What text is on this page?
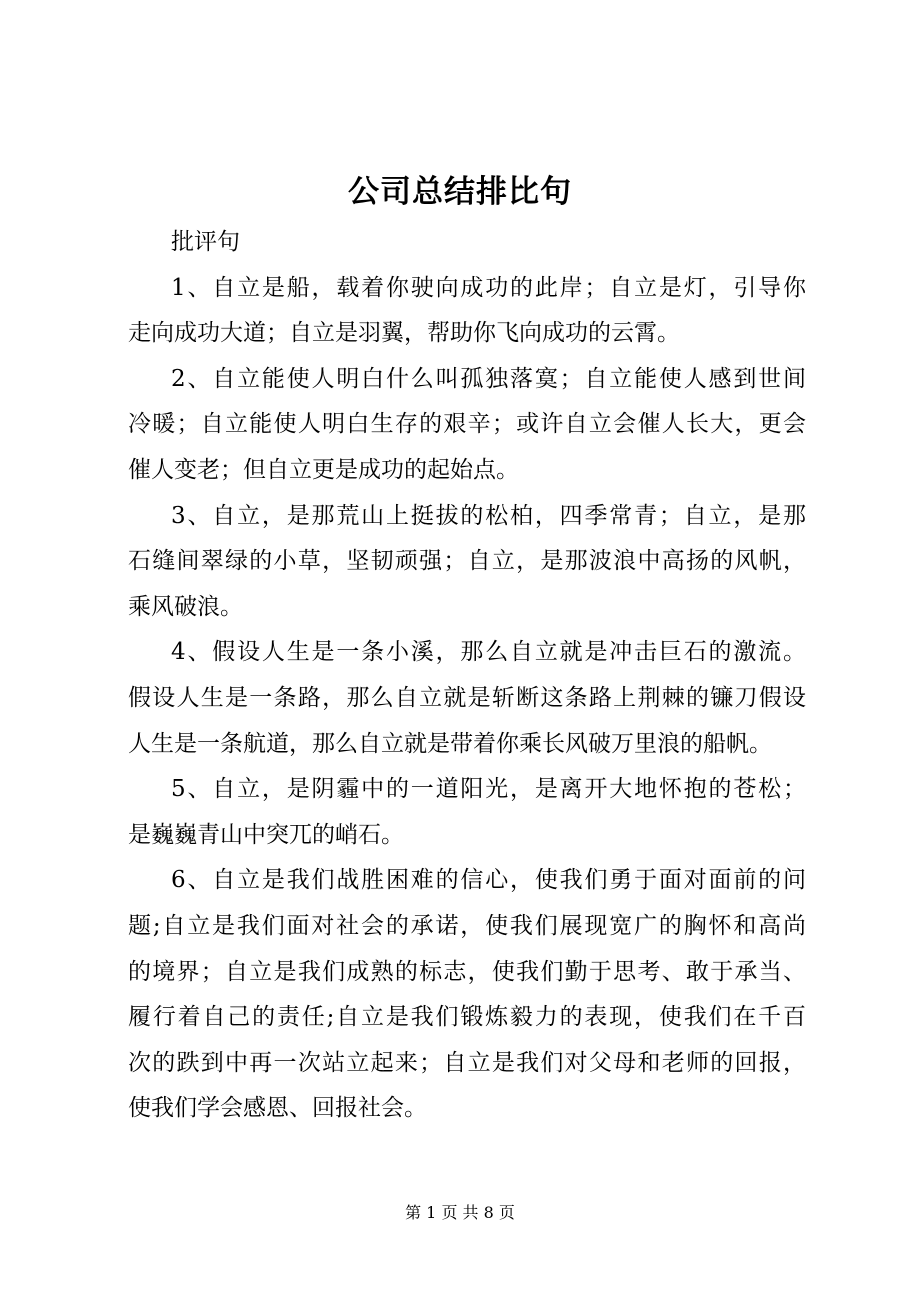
公司总结排比句
批评句
1、自立是船，载着你驶向成功的此岸；自立是灯，引导你
走向成功大道；自立是羽翼，帮助你飞向成功的云霄。
2、自立能使人明白什么叫孤独落寞；自立能使人感到世间
冷暖；自立能使人明白生存的艰辛；或许自立会催人长大，更会
催人变老；但自立更是成功的起始点。
3、自立，是那荒山上挺拔的松柏，四季常青；自立，是那
石缝间翠绿的小草，坚韧顽强；自立，是那波浪中高扬的风帆，
乘风破浪。
4、假设人生是一条小溪，那么自立就是冲击巨石的激流。
假设人生是一条路，那么自立就是斩断这条路上荆棘的镰刀假设
人生是一条航道，那么自立就是带着你乘长风破万里浪的船帆。
5、自立，是阴霾中的一道阳光，是离开大地怀抱的苍松；
是巍巍青山中突兀的峭石。
6、自立是我们战胜困难的信心，使我们勇于面对面前的问
题;自立是我们面对社会的承诺，使我们展现宽广的胸怀和高尚
的境界；自立是我们成熟的标志，使我们勤于思考、敢于承当、
履行着自己的责任;自立是我们锻炼毅力的表现，使我们在千百
次的跌到中再一次站立起来；自立是我们对父母和老师的回报，
使我们学会感恩、回报社会。
第 1 页 共 8 页
